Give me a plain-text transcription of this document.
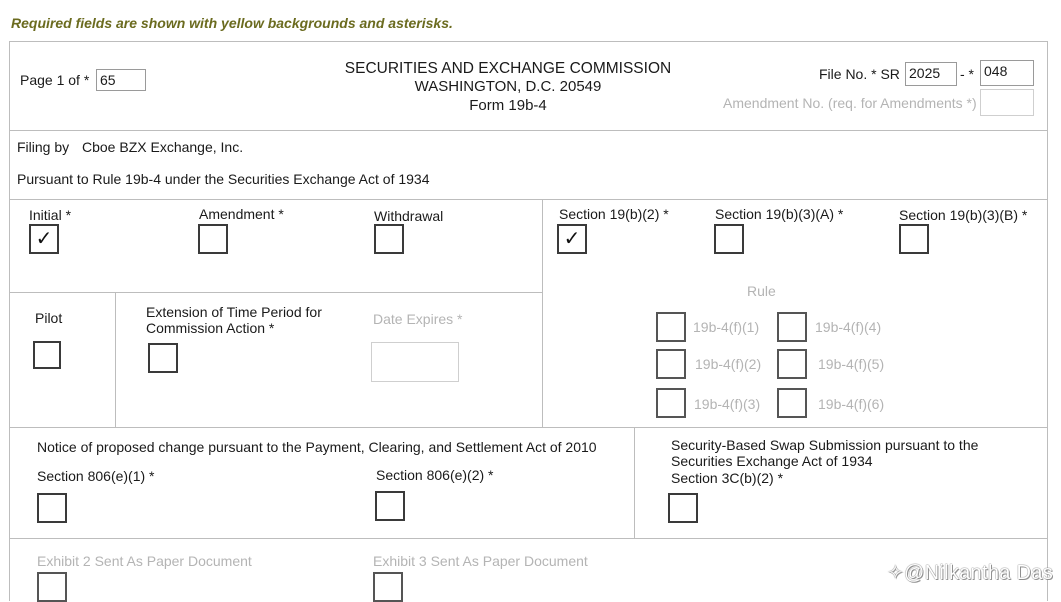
Required fields are shown with yellow backgrounds and asterisks.
Page 1 of * 65
SECURITIES AND EXCHANGE COMMISSION
WASHINGTON, D.C. 20549
Form 19b-4
File No. * SR 2025	- * 048
Amendment No. (req. for Amendments *)
Filing by Cboe BZX Exchange, Inc.
Pursuant to Rule 19b-4 under the Securities Exchange Act of 1934
Initial *
✓
Amendment *	Withdrawal	Section 19(b)(2) *
✓
Section 19(b)(3)(A) *	Section 19(b)(3)(B) *
Pilot	Extension of Time Period for
Commission Action *
Date Expires *
Rule
19b-4(f)(1)	19b-4(f)(4)
19b-4(f)(2)	19b-4(f)(5)
19b-4(f)(3)	19b-4(f)(6)
Notice of proposed change pursuant to the Payment, Clearing, and Settlement Act of 2010
Section 806(e)(1) *	Section 806(e)(2) *
Security-Based Swap Submission pursuant to the
Securities Exchange Act of 1934
Section 3C(b)(2) *
Exhibit 2 Sent As Paper Document	Exhibit 3 Sent As Paper Document
✧@Nilkantha Das
